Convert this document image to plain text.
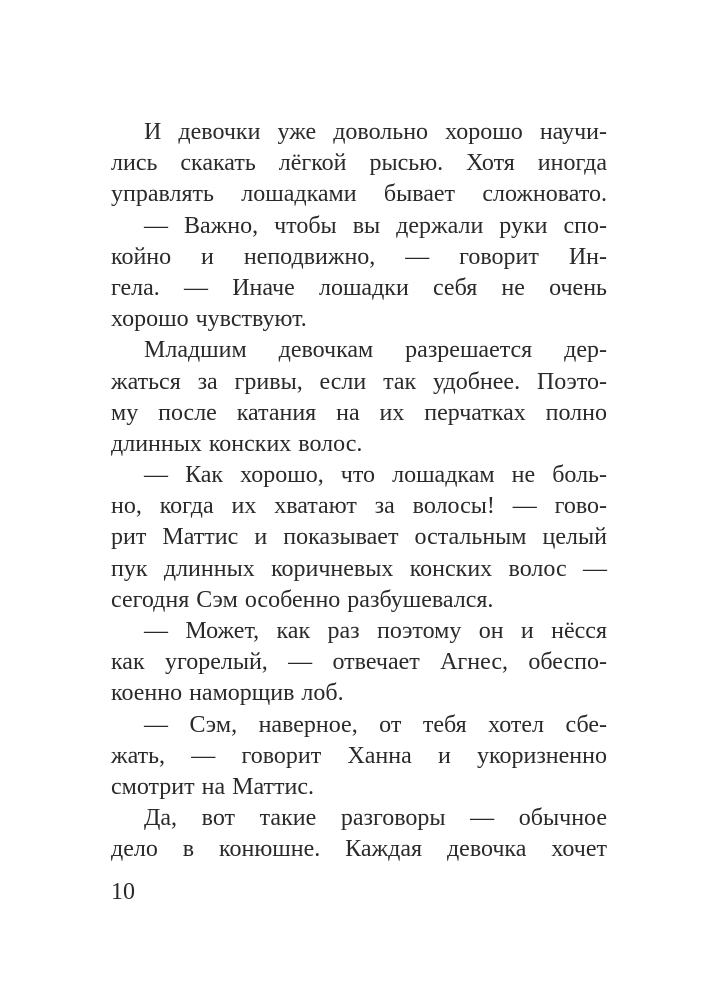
И девочки уже довольно хорошо научи-
лись скакать лёгкой рысью. Хотя иногда
управлять лошадками бывает сложновато.
— Важно, чтобы вы держали руки спо-
койно и неподвижно, — говорит Ин-
гела. — Иначе лошадки себя не очень
хорошо чувствуют.
Младшим девочкам разрешается дер-
жаться за гривы, если так удобнее. Поэто-
му после катания на их перчатках полно
длинных конских волос.
— Как хорошо, что лошадкам не боль-
но, когда их хватают за волосы! — гово-
рит Маттис и показывает остальным целый
пук длинных коричневых конских волос —
сегодня Сэм особенно разбушевался.
— Может, как раз поэтому он и нёсся
как угорелый, — отвечает Агнес, обеспо-
коенно наморщив лоб.
— Сэм, наверное, от тебя хотел сбе-
жать, — говорит Ханна и укоризненно
смотрит на Маттис.
Да, вот такие разговоры — обычное
дело в конюшне. Каждая девочка хочет
10
